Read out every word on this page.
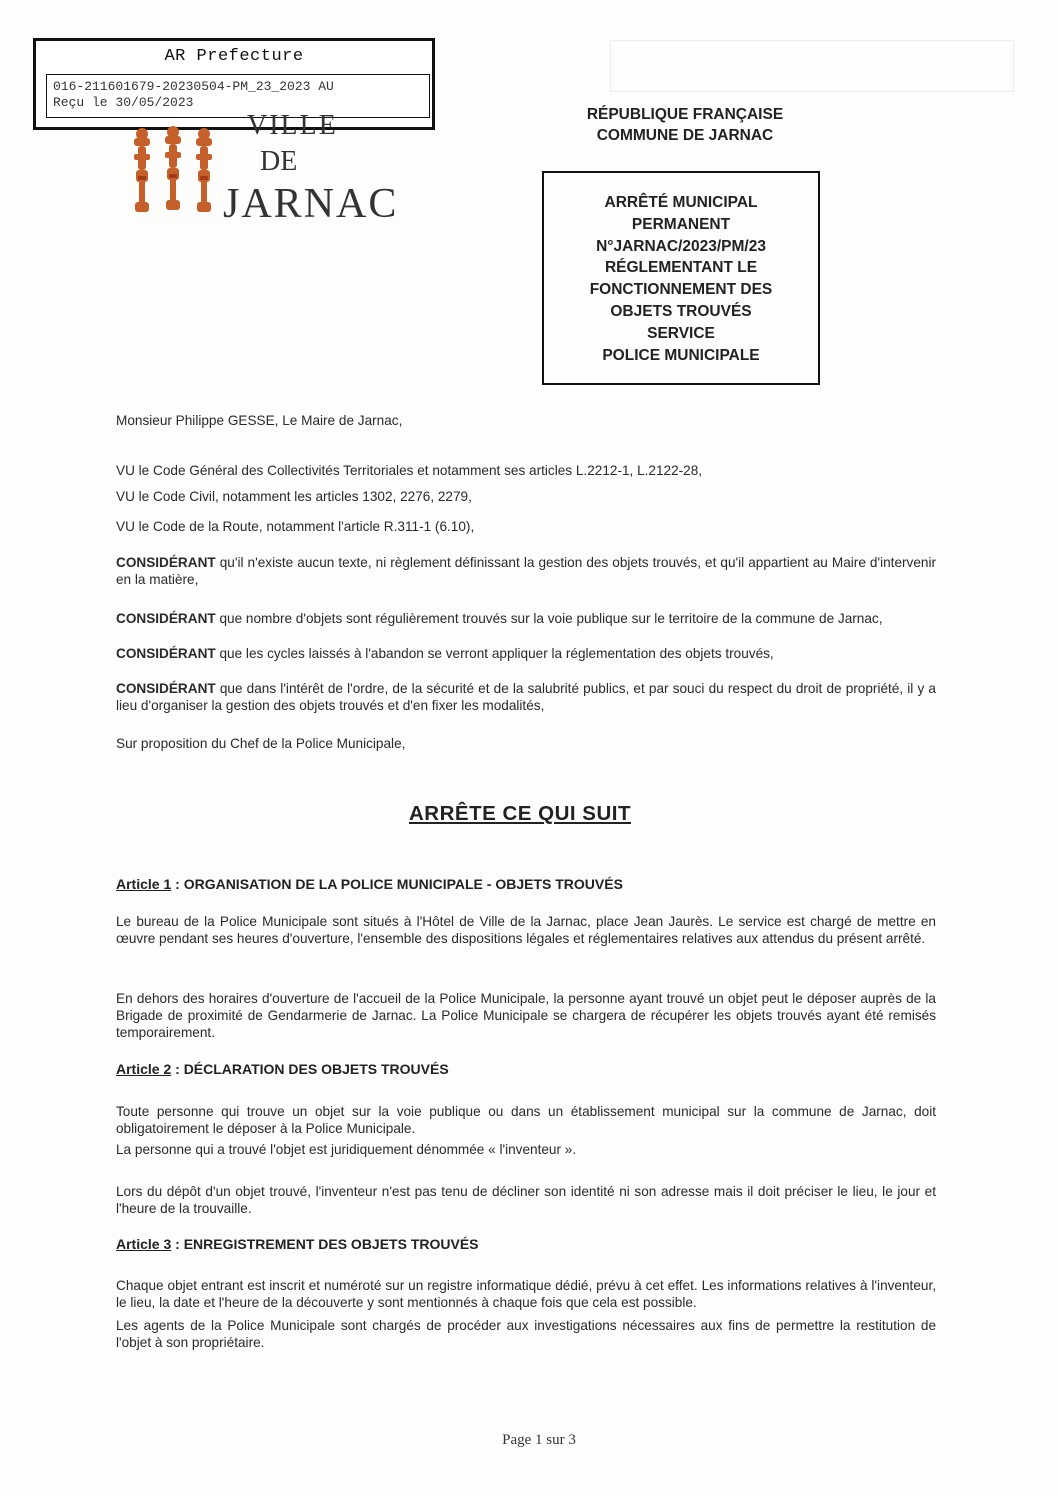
AR Prefecture
016-211601679-20230504-PM_23_2023 AU
Reçu le 30/05/2023
VILLE
DE
JARNAC
RÉPUBLIQUE FRANÇAISE
COMMUNE DE JARNAC
ARRÊTÉ MUNICIPAL
PERMANENT
N°JARNAC/2023/PM/23
RÉGLEMENTANT LE
FONCTIONNEMENT DES
OBJETS TROUVÉS
SERVICE
POLICE MUNICIPALE
Monsieur Philippe GESSE, Le Maire de Jarnac,
VU le Code Général des Collectivités Territoriales et notamment ses articles L.2212-1, L.2122-28,
VU le Code Civil, notamment les articles 1302, 2276, 2279,
VU le Code de la Route, notamment l'article R.311-1 (6.10),
CONSIDÉRANT qu'il n'existe aucun texte, ni règlement définissant la gestion des objets trouvés, et qu'il appartient au Maire d'intervenir en la matière,
CONSIDÉRANT que nombre d'objets sont régulièrement trouvés sur la voie publique sur le territoire de la commune de Jarnac,
CONSIDÉRANT que les cycles laissés à l'abandon se verront appliquer la réglementation des objets trouvés,
CONSIDÉRANT que dans l'intérêt de l'ordre, de la sécurité et de la salubrité publics, et par souci du respect du droit de propriété, il y a lieu d'organiser la gestion des objets trouvés et d'en fixer les modalités,
Sur proposition du Chef de la Police Municipale,
ARRÊTE CE QUI SUIT
Article 1 : ORGANISATION DE LA POLICE MUNICIPALE - OBJETS TROUVÉS
Le bureau de la Police Municipale sont situés à l'Hôtel de Ville de la Jarnac, place Jean Jaurès. Le service est chargé de mettre en œuvre pendant ses heures d'ouverture, l'ensemble des dispositions légales et réglementaires relatives aux attendus du présent arrêté.
En dehors des horaires d'ouverture de l'accueil de la Police Municipale, la personne ayant trouvé un objet peut le déposer auprès de la Brigade de proximité de Gendarmerie de Jarnac. La Police Municipale se chargera de récupérer les objets trouvés ayant été remisés temporairement.
Article 2 : DÉCLARATION DES OBJETS TROUVÉS
Toute personne qui trouve un objet sur la voie publique ou dans un établissement municipal sur la commune de Jarnac, doit obligatoirement le déposer à la Police Municipale.
La personne qui a trouvé l'objet est juridiquement dénommée « l'inventeur ».
Lors du dépôt d'un objet trouvé, l'inventeur n'est pas tenu de décliner son identité ni son adresse mais il doit préciser le lieu, le jour et l'heure de la trouvaille.
Article 3 : ENREGISTREMENT DES OBJETS TROUVÉS
Chaque objet entrant est inscrit et numéroté sur un registre informatique dédié, prévu à cet effet. Les informations relatives à l'inventeur, le lieu, la date et l'heure de la découverte y sont mentionnés à chaque fois que cela est possible.
Les agents de la Police Municipale sont chargés de procéder aux investigations nécessaires aux fins de permettre la restitution de l'objet à son propriétaire.
Page 1 sur 3
